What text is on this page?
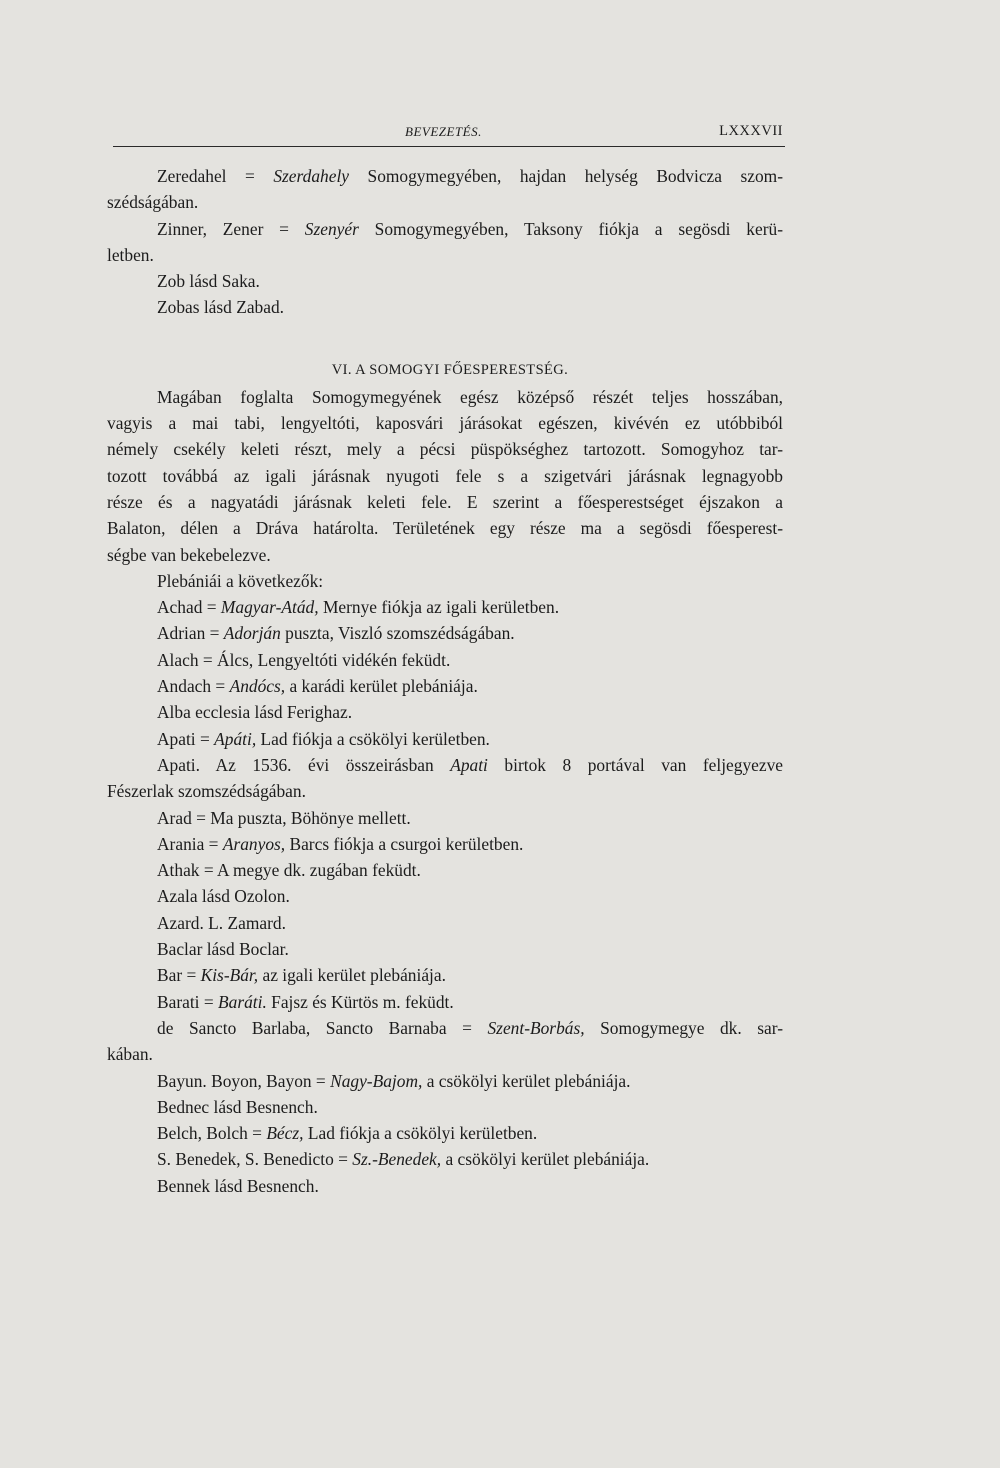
BEVEZETÉS.	LXXXVII
Zeredahel = Szerdahely Somogymegyében, hajdan helység Bodvicza szom-
szédságában.
Zinner, Zener = Szenyér Somogymegyében, Taksony fiókja a segösdi kerü-
letben.
Zob lásd Saka.
Zobas lásd Zabad.
VI. A SOMOGYI FŐESPERESTSÉG.
Magában foglalta Somogymegyének egész középső részét teljes hosszában,
vagyis a mai tabi, lengyeltóti, kaposvári járásokat egészen, kivévén ez utóbbiból
némely csekély keleti részt, mely a pécsi püspökséghez tartozott. Somogyhoz tar-
tozott továbbá az igali járásnak nyugoti fele s a szigetvári járásnak legnagyobb
része és a nagyatádi járásnak keleti fele. E szerint a főesperestséget éjszakon a
Balaton, délen a Dráva határolta. Területének egy része ma a segösdi főesperest-
ségbe van bekebelezve.
Plebániái a következők:
Achad = Magyar-Atád, Mernye fiókja az igali kerületben.
Adrian = Adorján puszta, Viszló szomszédságában.
Alach = Álcs, Lengyeltóti vidékén feküdt.
Andach = Andócs, a karádi kerület plebániája.
Alba ecclesia lásd Ferighaz.
Apati = Apáti, Lad fiókja a csökölyi kerületben.
Apati. Az 1536. évi összeirásban Apati birtok 8 portával van feljegyezve
Fészerlak szomszédságában.
Arad = Ma puszta, Böhönye mellett.
Arania = Aranyos, Barcs fiókja a csurgoi kerületben.
Athak = A megye dk. zugában feküdt.
Azala lásd Ozolon.
Azard. L. Zamard.
Baclar lásd Boclar.
Bar = Kis-Bár, az igali kerület plebániája.
Barati = Baráti. Fajsz és Kürtös m. feküdt.
de Sancto Barlaba, Sancto Barnaba = Szent-Borbás, Somogymegye dk. sar-
kában.
Bayun. Boyon, Bayon = Nagy-Bajom, a csökölyi kerület plebániája.
Bednec lásd Besnench.
Belch, Bolch = Bécz, Lad fiókja a csökölyi kerületben.
S. Benedek, S. Benedicto = Sz.-Benedek, a csökölyi kerület plebániája.
Bennek lásd Besnench.
